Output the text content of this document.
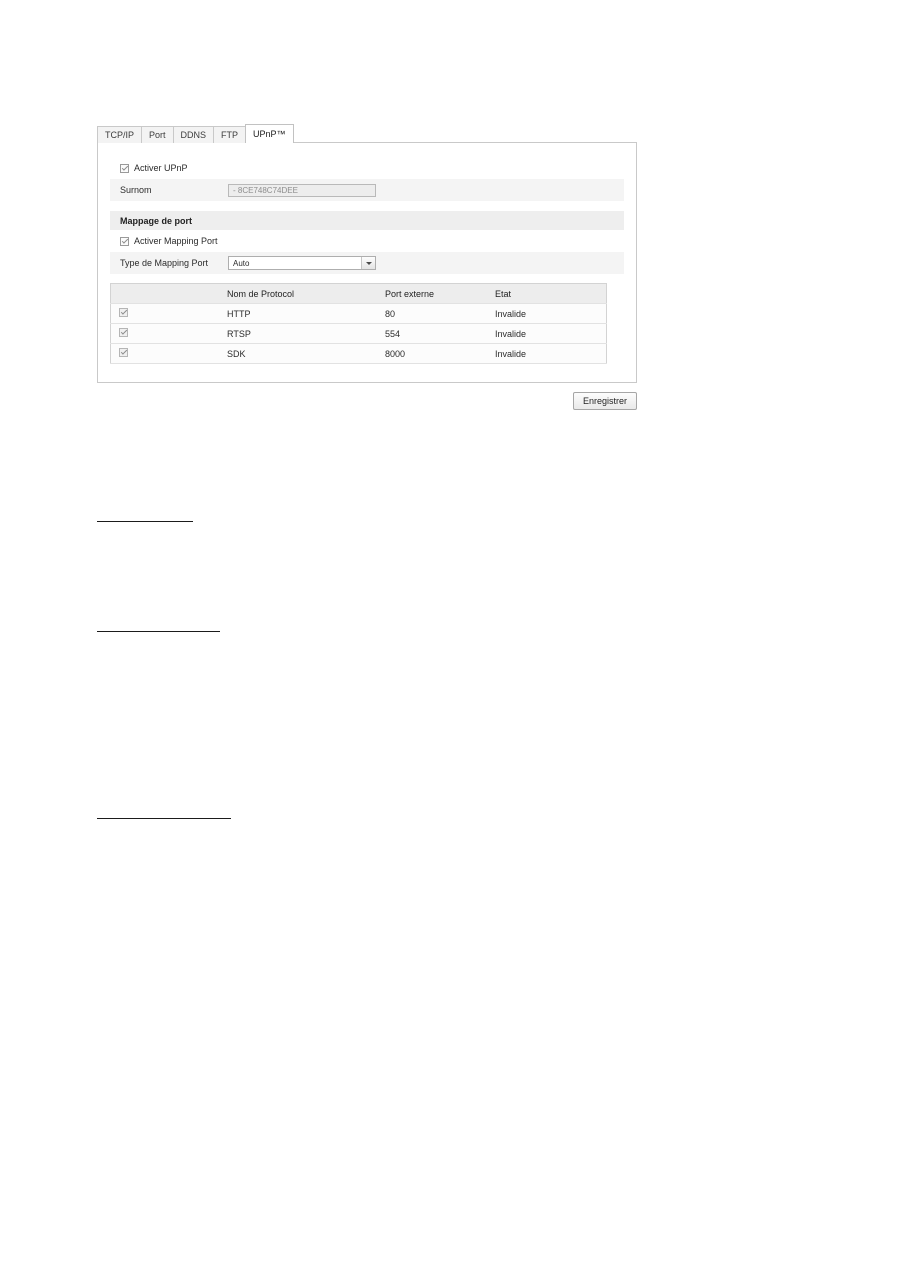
TCP/IP	Port	DDNS	FTP	UPnP™
Activer UPnP
Surnom
- 8CE748C74DEE
Mappage de port
Activer Mapping Port
Type de Mapping Port	Auto
	Nom de Protocol	Port externe	Etat
	HTTP	80	Invalide
	RTSP	554	Invalide
	SDK	8000	Invalide
Enregistrer
